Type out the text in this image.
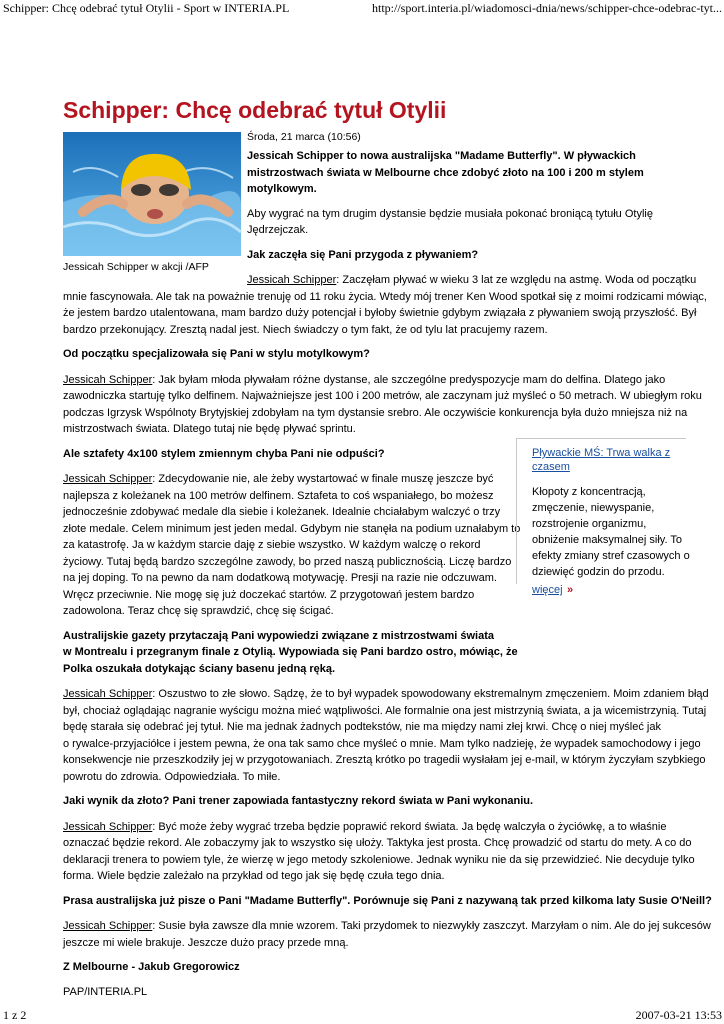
Schipper: Chcę odebrać tytuł Otylii - Sport w INTERIA.PL	http://sport.interia.pl/wiadomosci-dnia/news/schipper-chce-odebrac-tyt...
Schipper: Chcę odebrać tytuł Otylii
Jessicah Schipper w akcji /AFP
Środa, 21 marca (10:56)

Jessicah Schipper to nowa australijska "Madame Butterfly". W pływackich mistrzostwach świata w Melbourne chce zdobyć złoto na 100 i 200 m stylem motylkowym.

Aby wygrać na tym drugim dystansie będzie musiała pokonać broniącą tytułu Otylię Jędrzejczak.

Jak zaczęła się Pani przygoda z pływaniem?

Jessicah Schipper: Zaczęłam pływać w wieku 3 lat ze względu na astmę. Woda od początku

mnie fascynowała. Ale tak na poważnie trenuję od 11 roku życia. Wtedy mój trener Ken Wood spotkał się z moimi rodzicami mówiąc,
że jestem bardzo utalentowana, mam bardzo duży potencjał i byłoby świetnie gdybym związała z pływaniem swoją przyszłość. Był
bardzo przekonujący. Zresztą nadal jest. Niech świadczy o tym fakt, że od tylu lat pracujemy razem.

Od początku specjalizowała się Pani w stylu motylkowym?

Jessicah Schipper: Jak byłam młoda pływałam różne dystanse, ale szczególne predyspozycje mam do delfina. Dlatego jako
zawodniczka startuję tylko delfinem. Najważniejsze jest 100 i 200 metrów, ale zaczynam już myśleć o 50 metrach. W ubiegłym roku
podczas Igrzysk Wspólnoty Brytyjskiej zdobyłam na tym dystansie srebro. Ale oczywiście konkurencja była dużo mniejsza niż na
mistrzostwach świata. Dlatego tutaj nie będę pływać sprintu.

Ale sztafety 4x100 stylem zmiennym chyba Pani nie odpuści?

Jessicah Schipper: Zdecydowanie nie, ale żeby wystartować w finale muszę jeszcze być
najlepsza z koleżanek na 100 metrów delfinem. Sztafeta to coś wspaniałego, bo możesz
jednocześnie zdobywać medale dla siebie i koleżanek. Idealnie chciałabym walczyć o trzy
złote medale. Celem minimum jest jeden medal. Gdybym nie stanęła na podium uznałabym to
za katastrofę. Ja w każdym starcie daję z siebie wszystko. W każdym walczę o rekord
życiowy. Tutaj będą bardzo szczególne zawody, bo przed naszą publicznością. Liczę bardzo
na jej doping. To na pewno da nam dodatkową motywację. Presji na razie nie odczuwam.
Wręcz przeciwnie. Nie mogę się już doczekać startów. Z przygotowań jestem bardzo
zadowolona. Teraz chcę się sprawdzić, chcę się ścigać.

Australijskie gazety przytaczają Pani wypowiedzi związane z mistrzostwami świata
w Montrealu i przegranym finale z Otylią. Wypowiada się Pani bardzo ostro, mówiąc, że
Polka oszukała dotykając ściany basenu jedną ręką.

Jessicah Schipper: Oszustwo to złe słowo. Sądzę, że to był wypadek spowodowany ekstremalnym zmęczeniem. Moim zdaniem błąd
był, chociaż oglądając nagranie wyścigu można mieć wątpliwości. Ale formalnie ona jest mistrzynią świata, a ja wicemistrzynią. Tutaj
będę starała się odebrać jej tytuł. Nie ma jednak żadnych podtekstów, nie ma między nami złej krwi. Chcę o niej myśleć jak
o rywalce-przyjaciółce i jestem pewna, że ona tak samo chce myśleć o mnie. Mam tylko nadzieję, że wypadek samochodowy i jego
konsekwencje nie przeszkodziły jej w przygotowaniach. Zresztą krótko po tragedii wysłałam jej e-mail, w którym życzyłam szybkiego
powrotu do zdrowia. Odpowiedziała. To miłe.

Jaki wynik da złoto? Pani trener zapowiada fantastyczny rekord świata w Pani wykonaniu.

Jessicah Schipper: Być może żeby wygrać trzeba będzie poprawić rekord świata. Ja będę walczyła o życiówkę, a to właśnie
oznaczać będzie rekord. Ale zobaczymy jak to wszystko się ułoży. Taktyka jest prosta. Chcę prowadzić od startu do mety. A co do
deklaracji trenera to powiem tyle, że wierzę w jego metody szkoleniowe. Jednak wyniku nie da się przewidzieć. Nie decyduje tylko
forma. Wiele będzie zależało na przykład od tego jak się będę czuła tego dnia.

Prasa australijska już pisze o Pani "Madame Butterfly". Porównuje się Pani z nazywaną tak przed kilkoma laty Susie O'Neill?

Jessicah Schipper: Susie była zawsze dla mnie wzorem. Taki przydomek to niezwykły zaszczyt. Marzyłam o nim. Ale do jej sukcesów
jeszcze mi wiele brakuje. Jeszcze dużo pracy przede mną.

Z Melbourne - Jakub Gregorowicz

PAP/INTERIA.PL

Pływackie MŚ: Trwa walka z czasem
Kłopoty z koncentracją,
zmęczenie, niewyspanie,
rozstrojenie organizmu,
obniżenie maksymalnej siły. To
efekty zmiany stref czasowych o
dziewięć godzin do przodu.
więcej »
1 z 2	2007-03-21 13:53
